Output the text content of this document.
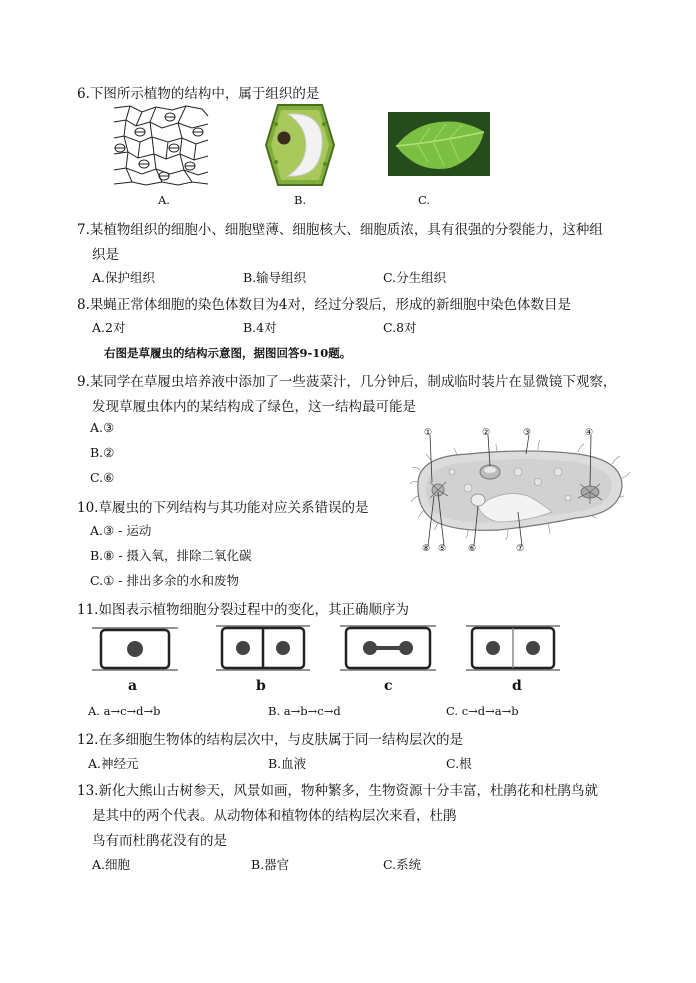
6.下图所示植物的结构中，属于组织的是
A.	B.	C.
7.某植物组织的细胞小、细胞壁薄、细胞核大、细胞质浓，具有很强的分裂能力，这种组
织是
A.保护组织	B.输导组织	C.分生组织
8.果蝇正常体细胞的染色体数目为4对，经过分裂后，形成的新细胞中染色体数目是
A.2对	B.4对	C.8对
右图是草履虫的结构示意图，据图回答9-10题。
9.某同学在草履虫培养液中添加了一些菠菜汁，几分钟后，制成临时装片在显微镜下观察，
发现草履虫体内的某结构成了绿色，这一结构最可能是
A.③
B.②
C.⑥
①	②	③	④
⑧ ⑤ ⑥	⑦
10.草履虫的下列结构与其功能对应关系错误的是
A.③ - 运动
B.⑧ - 摄入氧，排除二氧化碳
C.① - 排出多余的水和废物
11.如图表示植物细胞分裂过程中的变化，其正确顺序为
a	b	c	d
A. a→c→d→b	B. a→b→c→d	C. c→d→a→b
12.在多细胞生物体的结构层次中，与皮肤属于同一结构层次的是
A.神经元	B.血液	C.根
13.新化大熊山古树参天，风景如画，物种繁多，生物资源十分丰富，杜鹃花和杜鹃鸟就
是其中的两个代表。从动物体和植物体的结构层次来看，杜鹃
鸟有而杜鹃花没有的是
A.细胞	B.器官	C.系统
